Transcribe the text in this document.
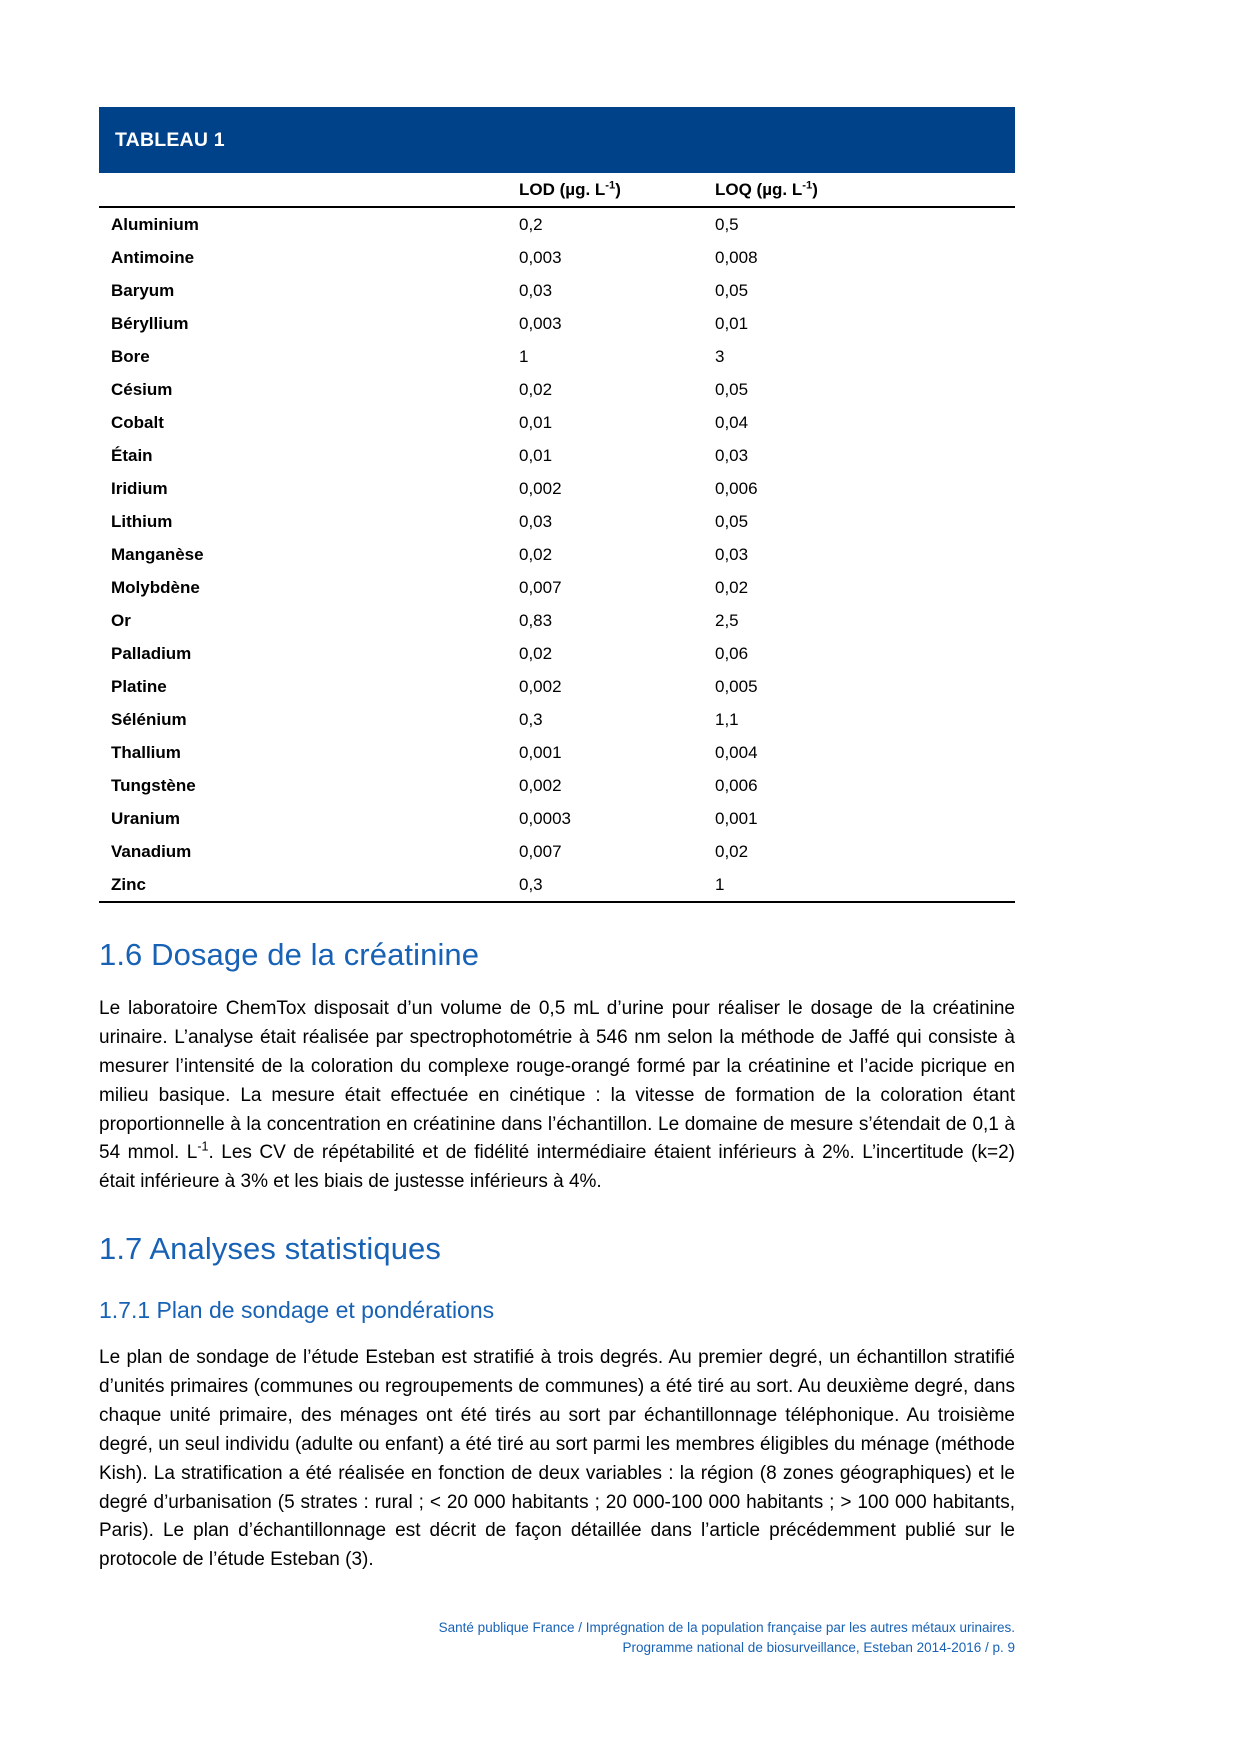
TABLEAU 1
	LOD (µg. $L^{-1}$)	LOQ (µg. $L^{-1}$)
Aluminium	0,2	0,5
Antimoine	0,003	0,008
Baryum	0,03	0,05
Béryllium	0,003	0,01
Bore	1	3
Césium	0,02	0,05
Cobalt	0,01	0,04
Étain	0,01	0,03
Iridium	0,002	0,006
Lithium	0,03	0,05
Manganèse	0,02	0,03
Molybdène	0,007	0,02
Or	0,83	2,5
Palladium	0,02	0,06
Platine	0,002	0,005
Sélénium	0,3	1,1
Thallium	0,001	0,004
Tungstène	0,002	0,006
Uranium	0,0003	0,001
Vanadium	0,007	0,02
Zinc	0,3	1
1.6 Dosage de la créatinine

Le laboratoire ChemTox disposait d’un volume de 0,5 mL d’urine pour réaliser le dosage de la créatinine urinaire. L’analyse était réalisée par spectrophotométrie à 546 nm selon la méthode de Jaffé qui consiste à mesurer l’intensité de la coloration du complexe rouge-orangé formé par la créatinine et l’acide picrique en milieu basique. La mesure était effectuée en cinétique : la vitesse de formation de la coloration étant proportionnelle à la concentration en créatinine dans l’échantillon. Le domaine de mesure s’étendait de 0,1 à 54 mmol. $L^{-1}$. Les CV de répétabilité et de fidélité intermédiaire étaient inférieurs à 2%. L’incertitude (k=2) était inférieure à 3% et les biais de justesse inférieurs à 4%.

1.7 Analyses statistiques
1.7.1 Plan de sondage et pondérations

Le plan de sondage de l’étude Esteban est stratifié à trois degrés. Au premier degré, un échantillon stratifié d’unités primaires (communes ou regroupements de communes) a été tiré au sort. Au deuxième degré, dans chaque unité primaire, des ménages ont été tirés au sort par échantillonnage téléphonique. Au troisième degré, un seul individu (adulte ou enfant) a été tiré au sort parmi les membres éligibles du ménage (méthode Kish). La stratification a été réalisée en fonction de deux variables : la région (8 zones géographiques) et le degré d’urbanisation (5 strates : rural ; < 20 000 habitants ; 20 000-100 000 habitants ; > 100 000 habitants, Paris). Le plan d’échantillonnage est décrit de façon détaillée dans l’article précédemment publié sur le protocole de l’étude Esteban (3).

Santé publique France / Imprégnation de la population française par les autres métaux urinaires.
Programme national de biosurveillance, Esteban 2014-2016 / p. 9
